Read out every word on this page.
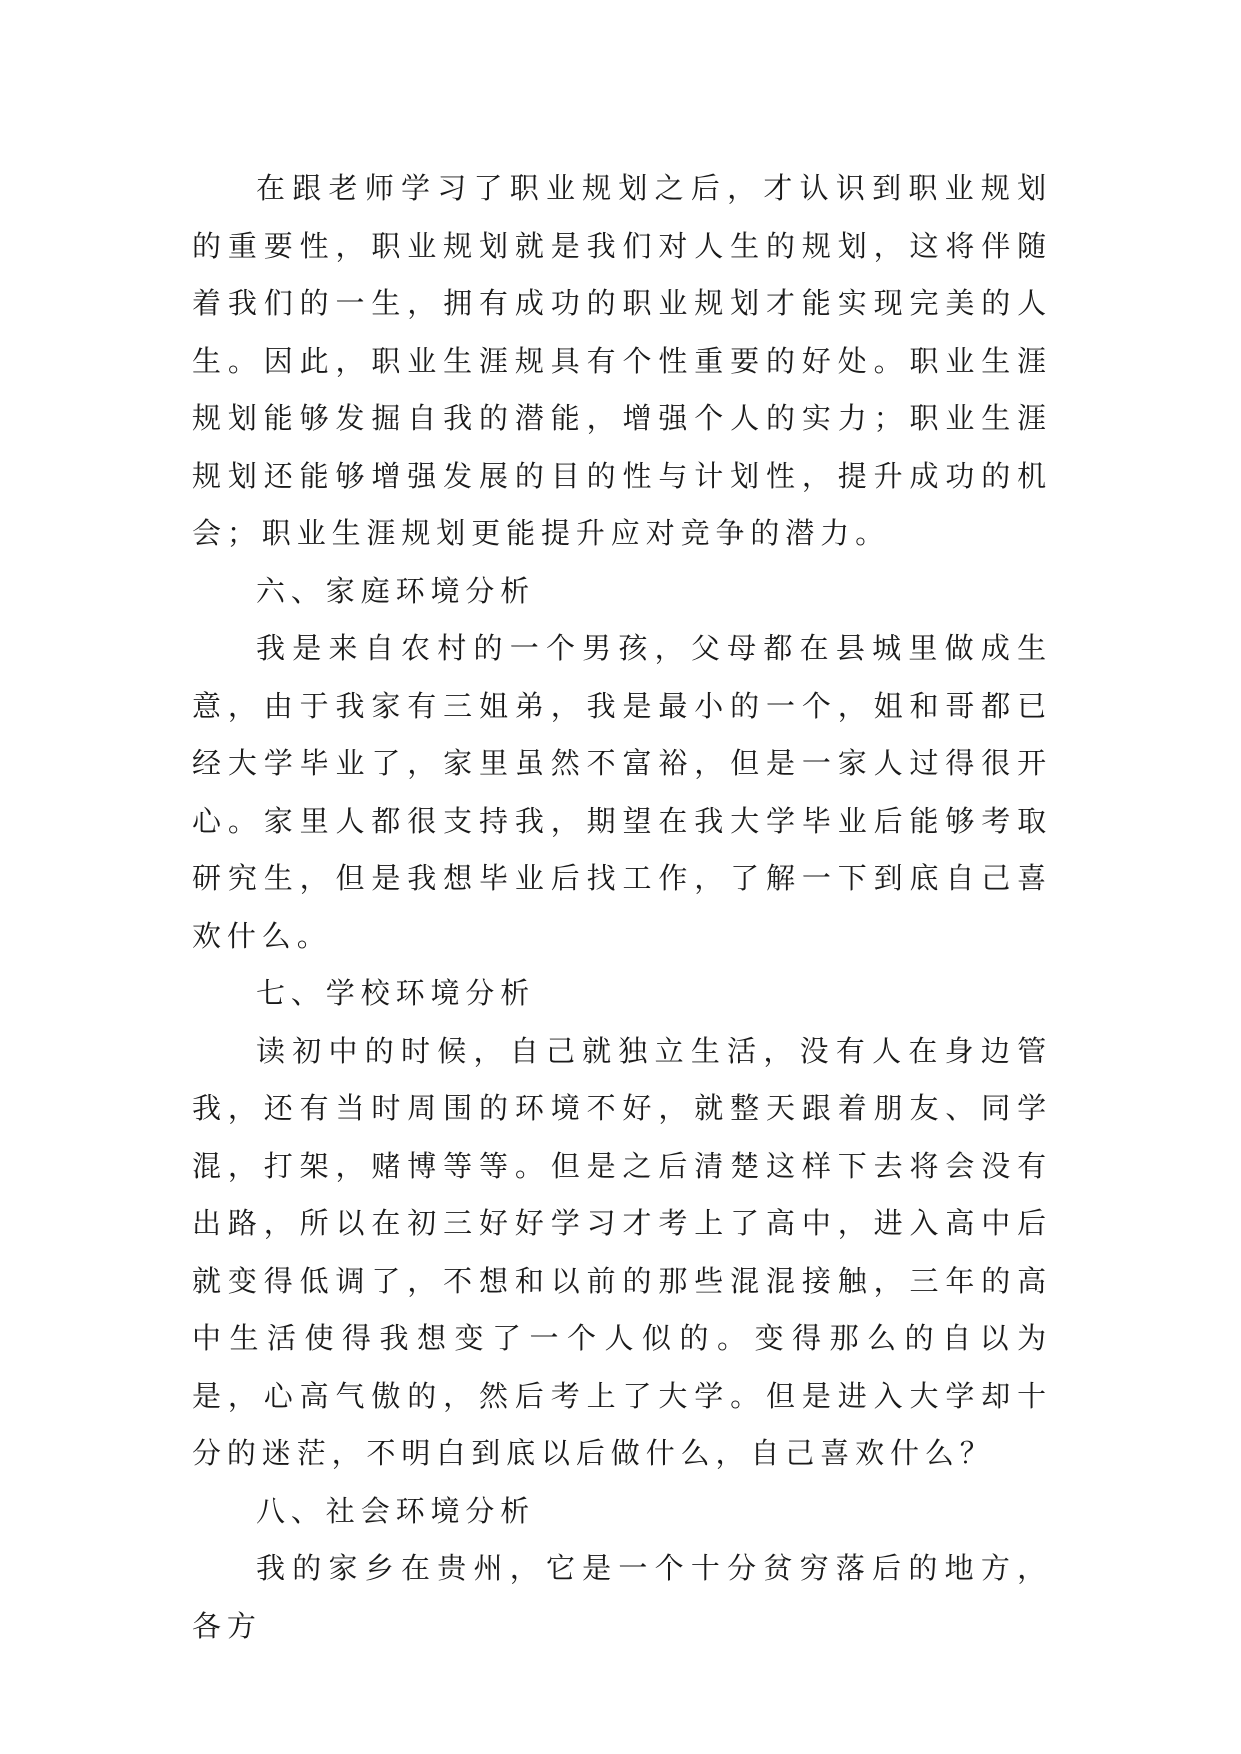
在跟老师学习了职业规划之后，才认识到职业规划的重要性，职业规划就是我们对人生的规划，这将伴随着我们的一生，拥有成功的职业规划才能实现完美的人生。因此，职业生涯规具有个性重要的好处。职业生涯规划能够发掘自我的潜能，增强个人的实力；职业生涯规划还能够增强发展的目的性与计划性，提升成功的机会；职业生涯规划更能提升应对竞争的潜力。

六、家庭环境分析

我是来自农村的一个男孩，父母都在县城里做成生意，由于我家有三姐弟，我是最小的一个，姐和哥都已经大学毕业了，家里虽然不富裕，但是一家人过得很开心。家里人都很支持我，期望在我大学毕业后能够考取研究生，但是我想毕业后找工作，了解一下到底自己喜欢什么。

七、学校环境分析

读初中的时候，自己就独立生活，没有人在身边管我，还有当时周围的环境不好，就整天跟着朋友、同学混，打架，赌博等等。但是之后清楚这样下去将会没有出路，所以在初三好好学习才考上了高中，进入高中后就变得低调了，不想和以前的那些混混接触，三年的高中生活使得我想变了一个人似的。变得那么的自以为是，心高气傲的，然后考上了大学。但是进入大学却十分的迷茫，不明白到底以后做什么，自己喜欢什么？

八、社会环境分析

我的家乡在贵州，它是一个十分贫穷落后的地方，各方
